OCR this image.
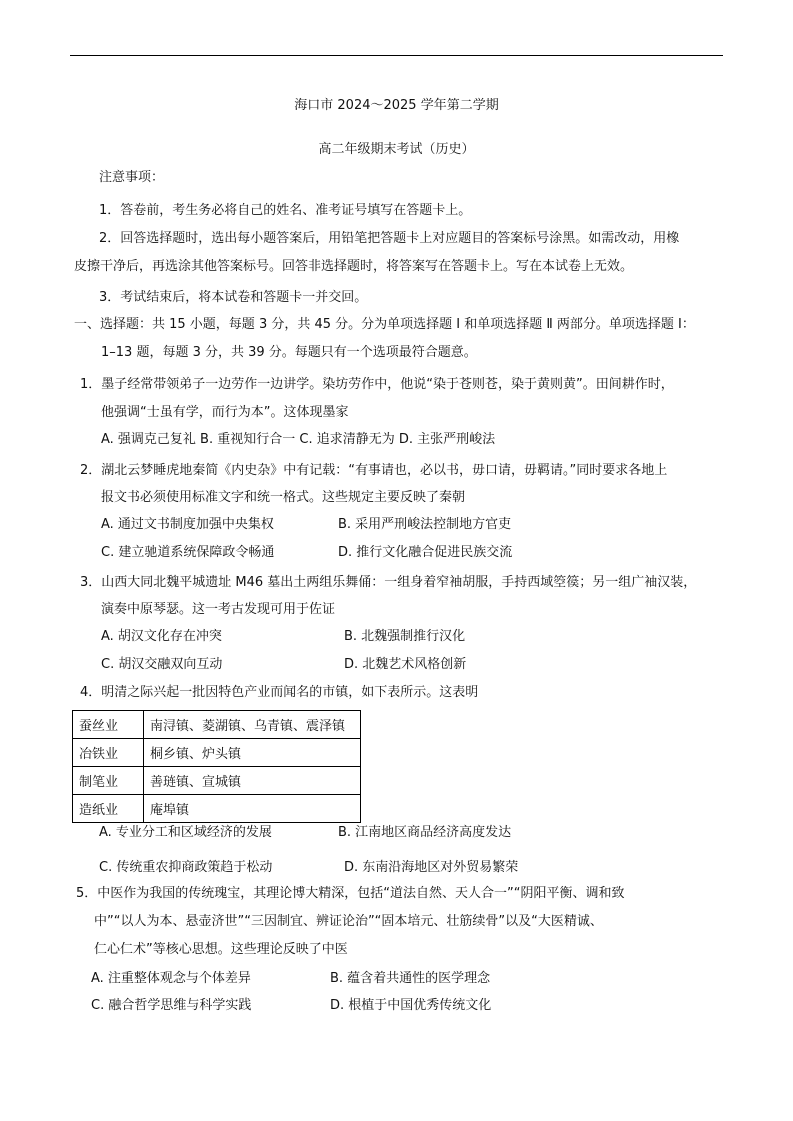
海口市 2024～2025 学年第二学期
高二年级期末考试（历史）
注意事项：
1．答卷前，考生务必将自己的姓名、准考证号填写在答题卡上。
2．回答选择题时，选出每小题答案后，用铅笔把答题卡上对应题目的答案标号涂黑。如需改动，用橡
皮擦干净后，再选涂其他答案标号。回答非选择题时，将答案写在答题卡上。写在本试卷上无效。
3．考试结束后，将本试卷和答题卡一并交回。
一、选择题：共 15 小题，每题 3 分，共 45 分。分为单项选择题 Ⅰ 和单项选择题 Ⅱ 两部分。单项选择题 Ⅰ：
1–13 题，每题 3 分，共 39 分。每题只有一个选项最符合题意。
1．墨子经常带领弟子一边劳作一边讲学。染坊劳作中，他说“染于苍则苍，染于黄则黄”。田间耕作时，
他强调“士虽有学，而行为本”。这体现墨家
A. 强调克己复礼 B. 重视知行合一 C. 追求清静无为 D. 主张严刑峻法
2．湖北云梦睡虎地秦简《内史杂》中有记载：“有事请也，必以书，毋口请，毋羁请。”同时要求各地上
报文书必须使用标准文字和统一格式。这些规定主要反映了秦朝
A. 通过文书制度加强中央集权	B. 采用严刑峻法控制地方官吏
C. 建立驰道系统保障政令畅通	D. 推行文化融合促进民族交流
3．山西大同北魏平城遗址 M46 墓出土两组乐舞俑：一组身着窄袖胡服，手持西域箜篌；另一组广袖汉装，
演奏中原琴瑟。这一考古发现可用于佐证
A. 胡汉文化存在冲突	B. 北魏强制推行汉化
C. 胡汉交融双向互动	D. 北魏艺术风格创新
4．明清之际兴起一批因特色产业而闻名的市镇，如下表所示。这表明
蚕丝业	南浔镇、菱湖镇、乌青镇、震泽镇
冶铁业	桐乡镇、炉头镇
制笔业	善琏镇、宣城镇
造纸业	庵埠镇
A. 专业分工和区域经济的发展	B. 江南地区商品经济高度发达
C. 传统重农抑商政策趋于松动	D. 东南沿海地区对外贸易繁荣
5．中医作为我国的传统瑰宝，其理论博大精深，包括“道法自然、天人合一”“阴阳平衡、调和致
中”“以人为本、悬壶济世”“三因制宜、辨证论治”“固本培元、壮筋续骨”以及“大医精诚、
仁心仁术”等核心思想。这些理论反映了中医
A. 注重整体观念与个体差异	B. 蕴含着共通性的医学理念
C. 融合哲学思维与科学实践	D. 根植于中国优秀传统文化
